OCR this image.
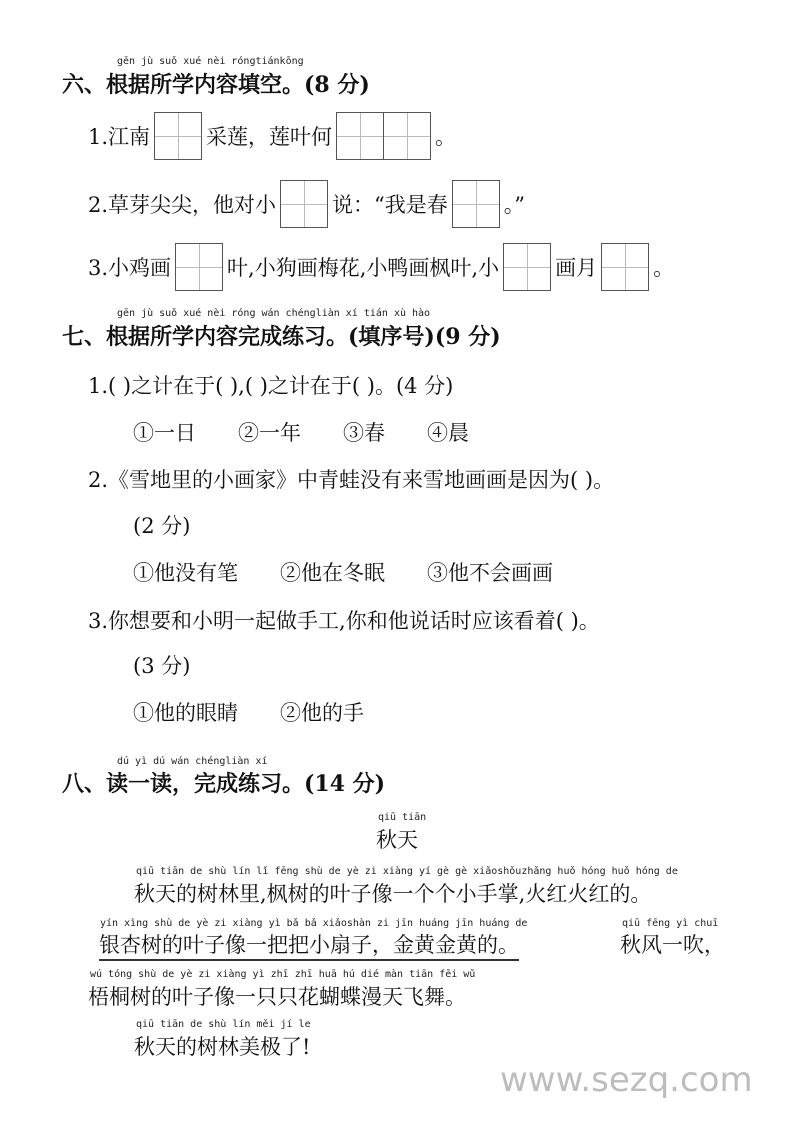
gēn jù suǒ xué nèi róngtiánkōng
六、根据所学内容填空。(8 分)
1.江南	采莲，莲叶何	。
2.草芽尖尖，他对小	说：“我是春	。”
3.小鸡画	叶,小狗画梅花,小鸭画枫叶,小	画月	。
gēn jù suǒ xué nèi róng wán chéngliàn xí tián xù hào
七、根据所学内容完成练习。(填序号)(9 分)
1.( )之计在于( ),( )之计在于( )。(4 分)
①一日 ②一年 ③春 ④晨
2.《雪地里的小画家》中青蛙没有来雪地画画是因为( )。
(2 分)
①他没有笔 ②他在冬眠 ③他不会画画
3.你想要和小明一起做手工,你和他说话时应该看着( )。
(3 分)
①他的眼睛 ②他的手
dú yì dú wán chéngliàn xí
八、读一读，完成练习。(14 分)
qiū tiān
秋天
qiū tiān de shù lín lǐ fēng shù de yè zi xiàng yí gè gè xiǎoshǒuzhǎng huǒ hóng huǒ hóng de
秋天的树林里,枫树的叶子像一个个小手掌,火红火红的。
yín xìng shù de yè zi xiàng yì bǎ bǎ xiǎoshàn zi jīn huáng jīn huáng de
银杏树的叶子像一把把小扇子，金黄金黄的。
qiū fēng yì chuī
秋风一吹，
wú tóng shù de yè zi xiàng yì zhī zhī huā hú dié màn tiān fēi wǔ
梧桐树的叶子像一只只花蝴蝶漫天飞舞。
qiū tiān de shù lín měi jí le
秋天的树林美极了!
www.sezq.com
